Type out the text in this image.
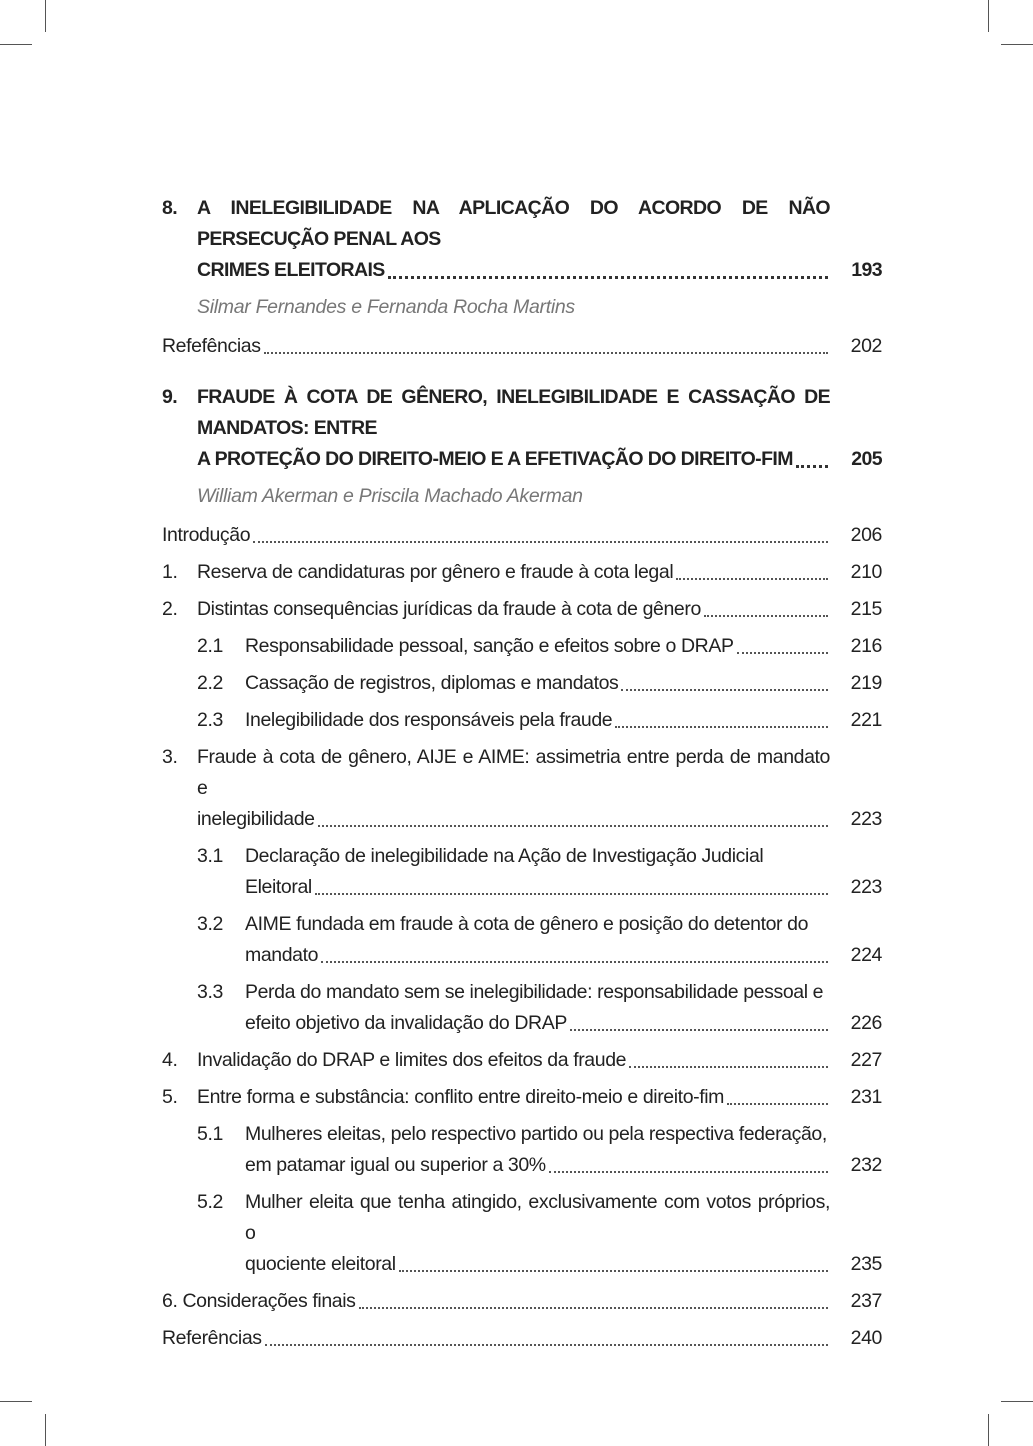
8. A INELEGIBILIDADE NA APLICAÇÃO DO ACORDO DE NÃO PERSECUÇÃO PENAL AOS
CRIMES ELEITORAIS	193
Silmar Fernandes e Fernanda Rocha Martins
Refefências	202
9. FRAUDE À COTA DE GÊNERO, INELEGIBILIDADE E CASSAÇÃO DE MANDATOS: ENTRE
A PROTEÇÃO DO DIREITO-MEIO E A EFETIVAÇÃO DO DIREITO-FIM	205
William Akerman e Priscila Machado Akerman
Introdução	206
1. Reserva de candidaturas por gênero e fraude à cota legal	210
2. Distintas consequências jurídicas da fraude à cota de gênero	215
2.1 Responsabilidade pessoal, sanção e efeitos sobre o DRAP	216
2.2 Cassação de registros, diplomas e mandatos	219
2.3 Inelegibilidade dos responsáveis pela fraude	221
3. Fraude à cota de gênero, AIJE e AIME: assimetria entre perda de mandato e
inelegibilidade	223
3.1 Declaração de inelegibilidade na Ação de Investigação Judicial
Eleitoral	223
3.2 AIME fundada em fraude à cota de gênero e posição do detentor do
mandato	224
3.3 Perda do mandato sem se inelegibilidade: responsabilidade pessoal e
efeito objetivo da invalidação do DRAP	226
4. Invalidação do DRAP e limites dos efeitos da fraude	227
5. Entre forma e substância: conflito entre direito-meio e direito-fim	231
5.1 Mulheres eleitas, pelo respectivo partido ou pela respectiva federação,
em patamar igual ou superior a 30%	232
5.2 Mulher eleita que tenha atingido, exclusivamente com votos próprios, o
quociente eleitoral	235
6. Considerações finais	237
Referências	240
